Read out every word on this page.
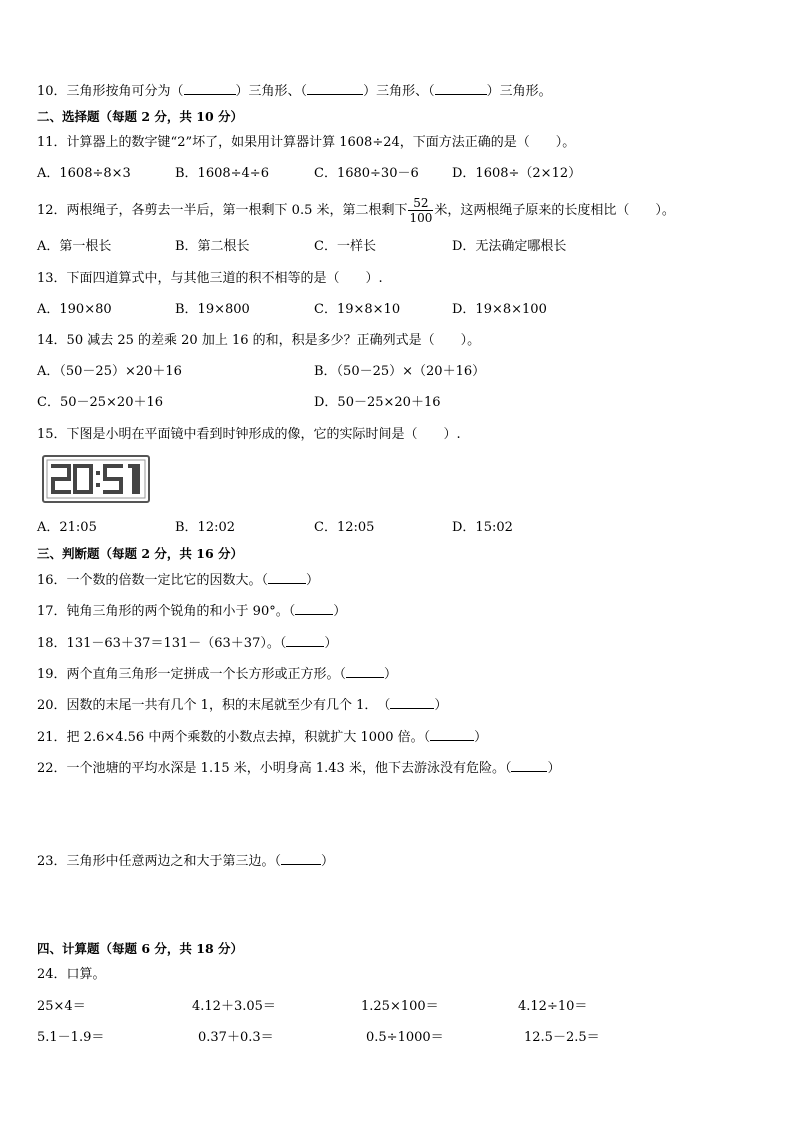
10．三角形按角可分为（	）三角形、（	）三角形、（	）三角形。
二、选择题（每题 2 分，共 10 分）
11．计算器上的数字键“2”坏了，如果用计算器计算 1608÷24，下面方法正确的是（　　）。
A．1608÷8×3	B．1608÷4÷6	C．1680÷30－6	D．1608÷（2×12）
12．两根绳子，各剪去一半后，第一根剩下 0.5 米，第二根剩下 $\frac{52}{100}$ 米，这两根绳子原来的长度相比（　　）。
A．第一根长	B．第二根长	C．一样长	D．无法确定哪根长
13．下面四道算式中，与其他三道的积不相等的是（　　）.
A．190×80	B．19×800	C．19×8×10	D．19×8×100
14．50 减去 25 的差乘 20 加上 16 的和，积是多少？正确列式是（　　）。
A．（50－25）×20＋16	B．（50－25）×（20＋16）
C．50－25×20＋16	D．50－25×20＋16
15．下图是小明在平面镜中看到时钟形成的像，它的实际时间是（　　）.
A．21:05	B．12:02	C．12:05	D．15:02
三、判断题（每题 2 分，共 16 分）
16．一个数的倍数一定比它的因数大。（	）
17．钝角三角形的两个锐角的和小于 90°。（	）
18．131－63＋37＝131－（63＋37）。（	）
19．两个直角三角形一定拼成一个长方形或正方形。（	）
20．因数的末尾一共有几个 1，积的末尾就至少有几个 1．　（	）
21．把 2.6×4.56 中两个乘数的小数点去掉，积就扩大 1000 倍。（	）
22．一个池塘的平均水深是 1.15 米，小明身高 1.43 米，他下去游泳没有危险。（	）
23．三角形中任意两边之和大于第三边。（	）
四、计算题（每题 6 分，共 18 分）
24．口算。
25×4＝	4.12＋3.05＝	1.25×100＝	4.12÷10＝
5.1－1.9＝	0.37＋0.3＝	0.5÷1000＝	12.5－2.5＝
